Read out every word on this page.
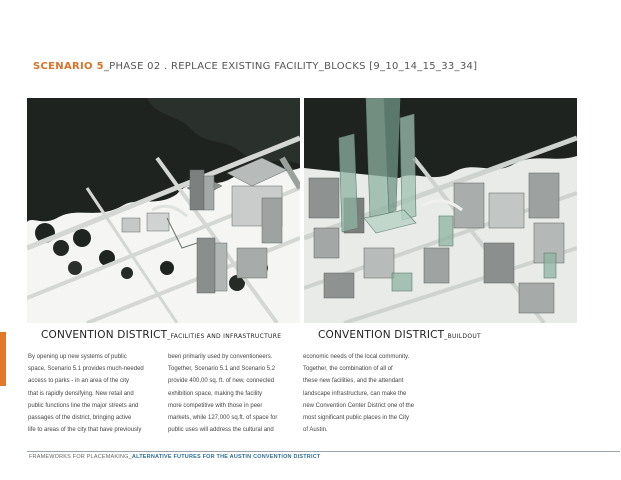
SCENARIO 5_PHASE 02 . REPLACE EXISTING FACILITY_BLOCKS [9_10_14_15_33_34]
CONVENTION DISTRICT_FACILITIES AND INFRASTRUCTURE	CONVENTION DISTRICT_BUILDOUT
By opening up new systems of public
space, Scenario 5.1 provides much-needed
access to parks - in an area of the city
that is rapidly densifying. New retail and
public functions line the major streets and
passages of the district, bringing active
life to areas of the city that have previously
been primarily used by conventioneers.
Together, Scenario 5.1 and Scenario 5.2
provide 400,00 sq. ft. of new, connected
exhibition space, making the facility
more competitive with those in peer
markets, while 127,000 sq.ft. of space for
public uses will address the cultural and
economic needs of the local community.
Together, the combination of all of
these new facilities, and the attendant
landscape infrastructure, can make the
new Convention Center District one of the
most significant public places in the City
of Austin.
FRAMEWORKS FOR PLACEMAKING_ALTERNATIVE FUTURES FOR THE AUSTIN CONVENTION DISTRICT
